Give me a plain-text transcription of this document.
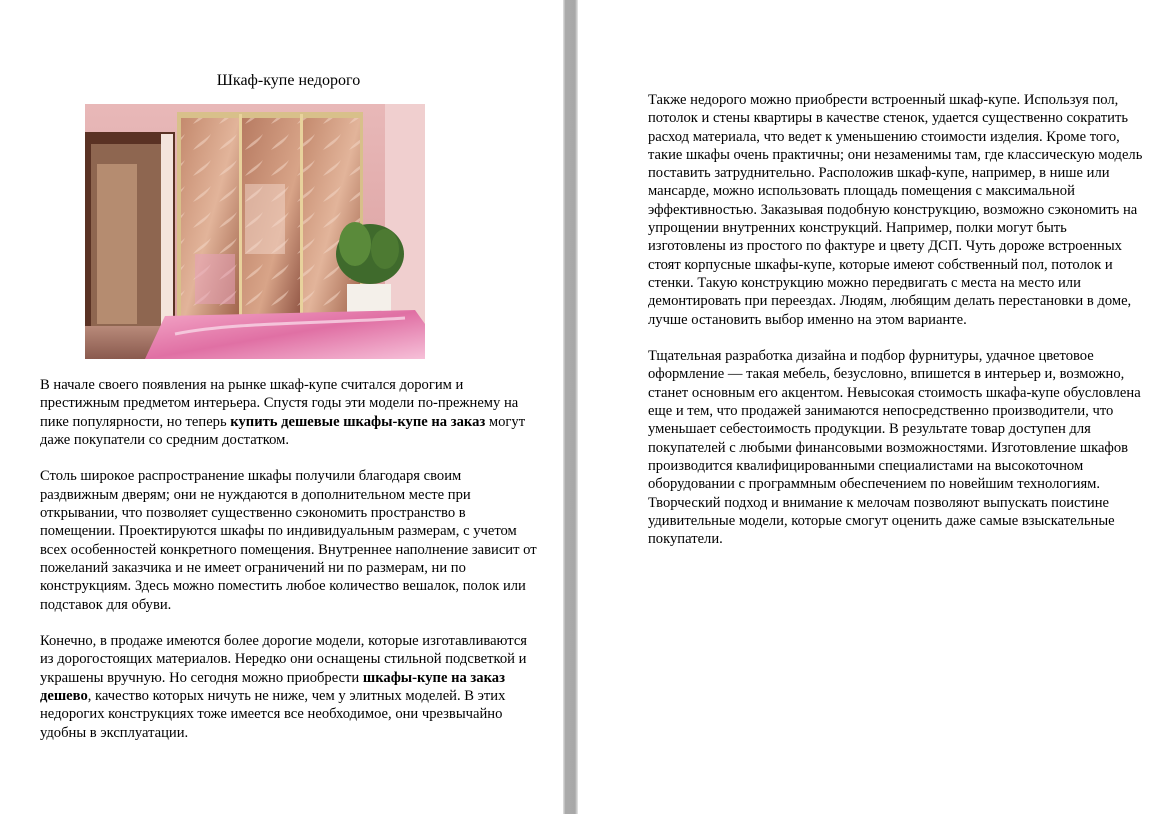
Шкаф-купе недорого

В начале своего появления на рынке шкаф-купе считался дорогим и престижным предметом интерьера. Спустя годы эти модели по-прежнему на пике популярности, но теперь купить дешевые шкафы-купе на заказ могут даже покупатели со средним достатком.

Столь широкое распространение шкафы получили благодаря своим раздвижным дверям; они не нуждаются в дополнительном месте при открывании, что позволяет существенно сэкономить пространство в помещении. Проектируются шкафы по индивидуальным размерам, с учетом всех особенностей конкретного помещения. Внутреннее наполнение зависит от пожеланий заказчика и не имеет ограничений ни по размерам, ни по конструкциям. Здесь можно поместить любое количество вешалок, полок или подставок для обуви.

Конечно, в продаже имеются более дорогие модели, которые изготавливаются из дорогостоящих материалов. Нередко они оснащены стильной подсветкой и украшены вручную. Но сегодня можно приобрести шкафы-купе на заказ дешево, качество которых ничуть не ниже, чем у элитных моделей. В этих недорогих конструкциях тоже имеется все необходимое, они чрезвычайно удобны в эксплуатации.

Также недорого можно приобрести встроенный шкаф-купе. Используя пол, потолок и стены квартиры в качестве стенок, удается существенно сократить расход материала, что ведет к уменьшению стоимости изделия. Кроме того, такие шкафы очень практичны; они незаменимы там, где классическую модель поставить затруднительно. Расположив шкаф-купе, например, в нише или мансарде, можно использовать площадь помещения с максимальной эффективностью. Заказывая подобную конструкцию, возможно сэкономить на упрощении внутренних конструкций. Например, полки могут быть изготовлены из простого по фактуре и цвету ДСП. Чуть дороже встроенных стоят корпусные шкафы-купе, которые имеют собственный пол, потолок и стенки. Такую конструкцию можно передвигать с места на место или демонтировать при переездах. Людям, любящим делать перестановки в доме, лучше остановить выбор именно на этом варианте.

Тщательная разработка дизайна и подбор фурнитуры, удачное цветовое оформление — такая мебель, безусловно, впишется в интерьер и, возможно, станет основным его акцентом. Невысокая стоимость шкафа-купе обусловлена еще и тем, что продажей занимаются непосредственно производители, что уменьшает себестоимость продукции. В результате товар доступен для покупателей с любыми финансовыми возможностями. Изготовление шкафов производится квалифицированными специалистами на высокоточном оборудовании с программным обеспечением по новейшим технологиям. Творческий подход и внимание к мелочам позволяют выпускать поистине удивительные модели, которые смогут оценить даже самые взыскательные покупатели.
